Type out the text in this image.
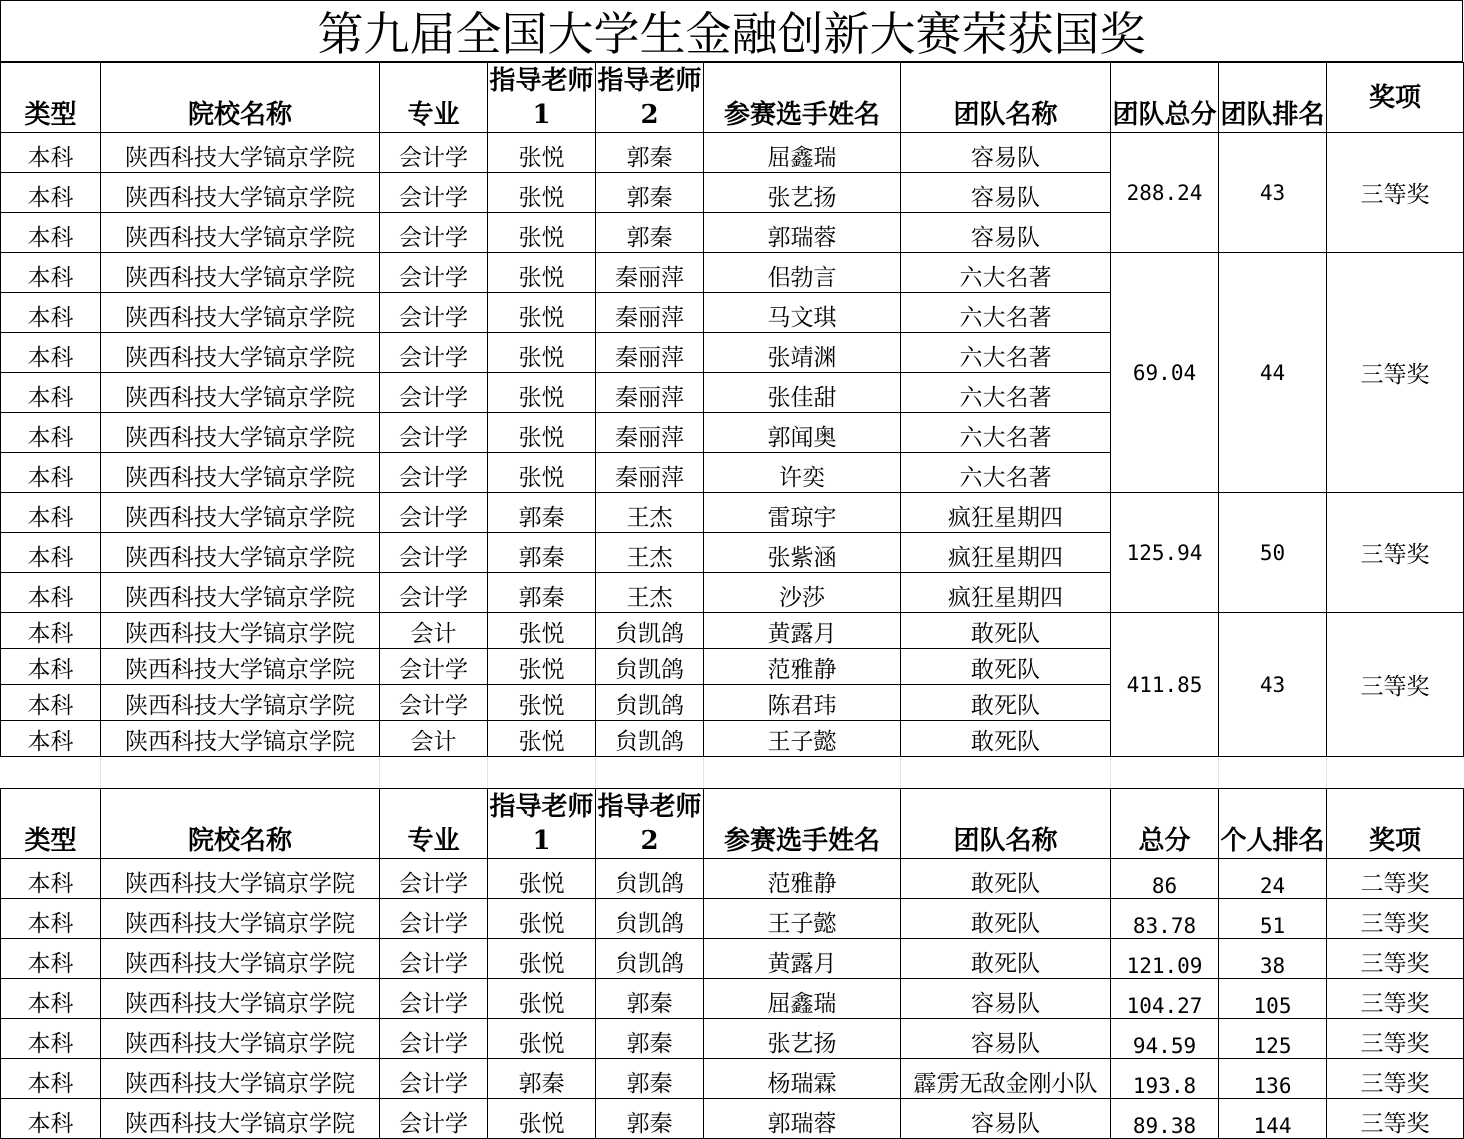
第九届全国大学生金融创新大赛荣获国奖
类型	院校名称	专业	指导老师1	指导老师2	参赛选手姓名	团队名称	团队总分	团队排名	奖项
本科	陕西科技大学镐京学院	会计学	张悦	郭秦	屈鑫瑞	容易队	288.24	43	三等奖
本科	陕西科技大学镐京学院	会计学	张悦	郭秦	张艺扬	容易队			
本科	陕西科技大学镐京学院	会计学	张悦	郭秦	郭瑞蓉	容易队			
本科	陕西科技大学镐京学院	会计学	张悦	秦丽萍	佀勃言	六大名著	69.04	44	三等奖
本科	陕西科技大学镐京学院	会计学	张悦	秦丽萍	马文琪	六大名著			
本科	陕西科技大学镐京学院	会计学	张悦	秦丽萍	张靖渊	六大名著			
本科	陕西科技大学镐京学院	会计学	张悦	秦丽萍	张佳甜	六大名著			
本科	陕西科技大学镐京学院	会计学	张悦	秦丽萍	郭闻奥	六大名著			
本科	陕西科技大学镐京学院	会计学	张悦	秦丽萍	许奕	六大名著			
本科	陕西科技大学镐京学院	会计学	郭秦	王杰	雷琼宇	疯狂星期四	125.94	50	三等奖
本科	陕西科技大学镐京学院	会计学	郭秦	王杰	张紫涵	疯狂星期四			
本科	陕西科技大学镐京学院	会计学	郭秦	王杰	沙莎	疯狂星期四			
本科	陕西科技大学镐京学院	会计	张悦	贠凯鸽	黄露月	敢死队	411.85	43	三等奖
本科	陕西科技大学镐京学院	会计学	张悦	贠凯鸽	范雅静	敢死队			
本科	陕西科技大学镐京学院	会计学	张悦	贠凯鸽	陈君玮	敢死队			
本科	陕西科技大学镐京学院	会计	张悦	贠凯鸽	王子懿	敢死队			
类型	院校名称	专业	指导老师1	指导老师2	参赛选手姓名	团队名称	总分	个人排名	奖项
本科	陕西科技大学镐京学院	会计学	张悦	贠凯鸽	范雅静	敢死队	86	24	二等奖
本科	陕西科技大学镐京学院	会计学	张悦	贠凯鸽	王子懿	敢死队	83.78	51	三等奖
本科	陕西科技大学镐京学院	会计学	张悦	贠凯鸽	黄露月	敢死队	121.09	38	三等奖
本科	陕西科技大学镐京学院	会计学	张悦	郭秦	屈鑫瑞	容易队	104.27	105	三等奖
本科	陕西科技大学镐京学院	会计学	张悦	郭秦	张艺扬	容易队	94.59	125	三等奖
本科	陕西科技大学镐京学院	会计学	郭秦	郭秦	杨瑞霖	霹雳无敌金刚小队	193.8	136	三等奖
本科	陕西科技大学镐京学院	会计学	张悦	郭秦	郭瑞蓉	容易队	89.38	144	三等奖
